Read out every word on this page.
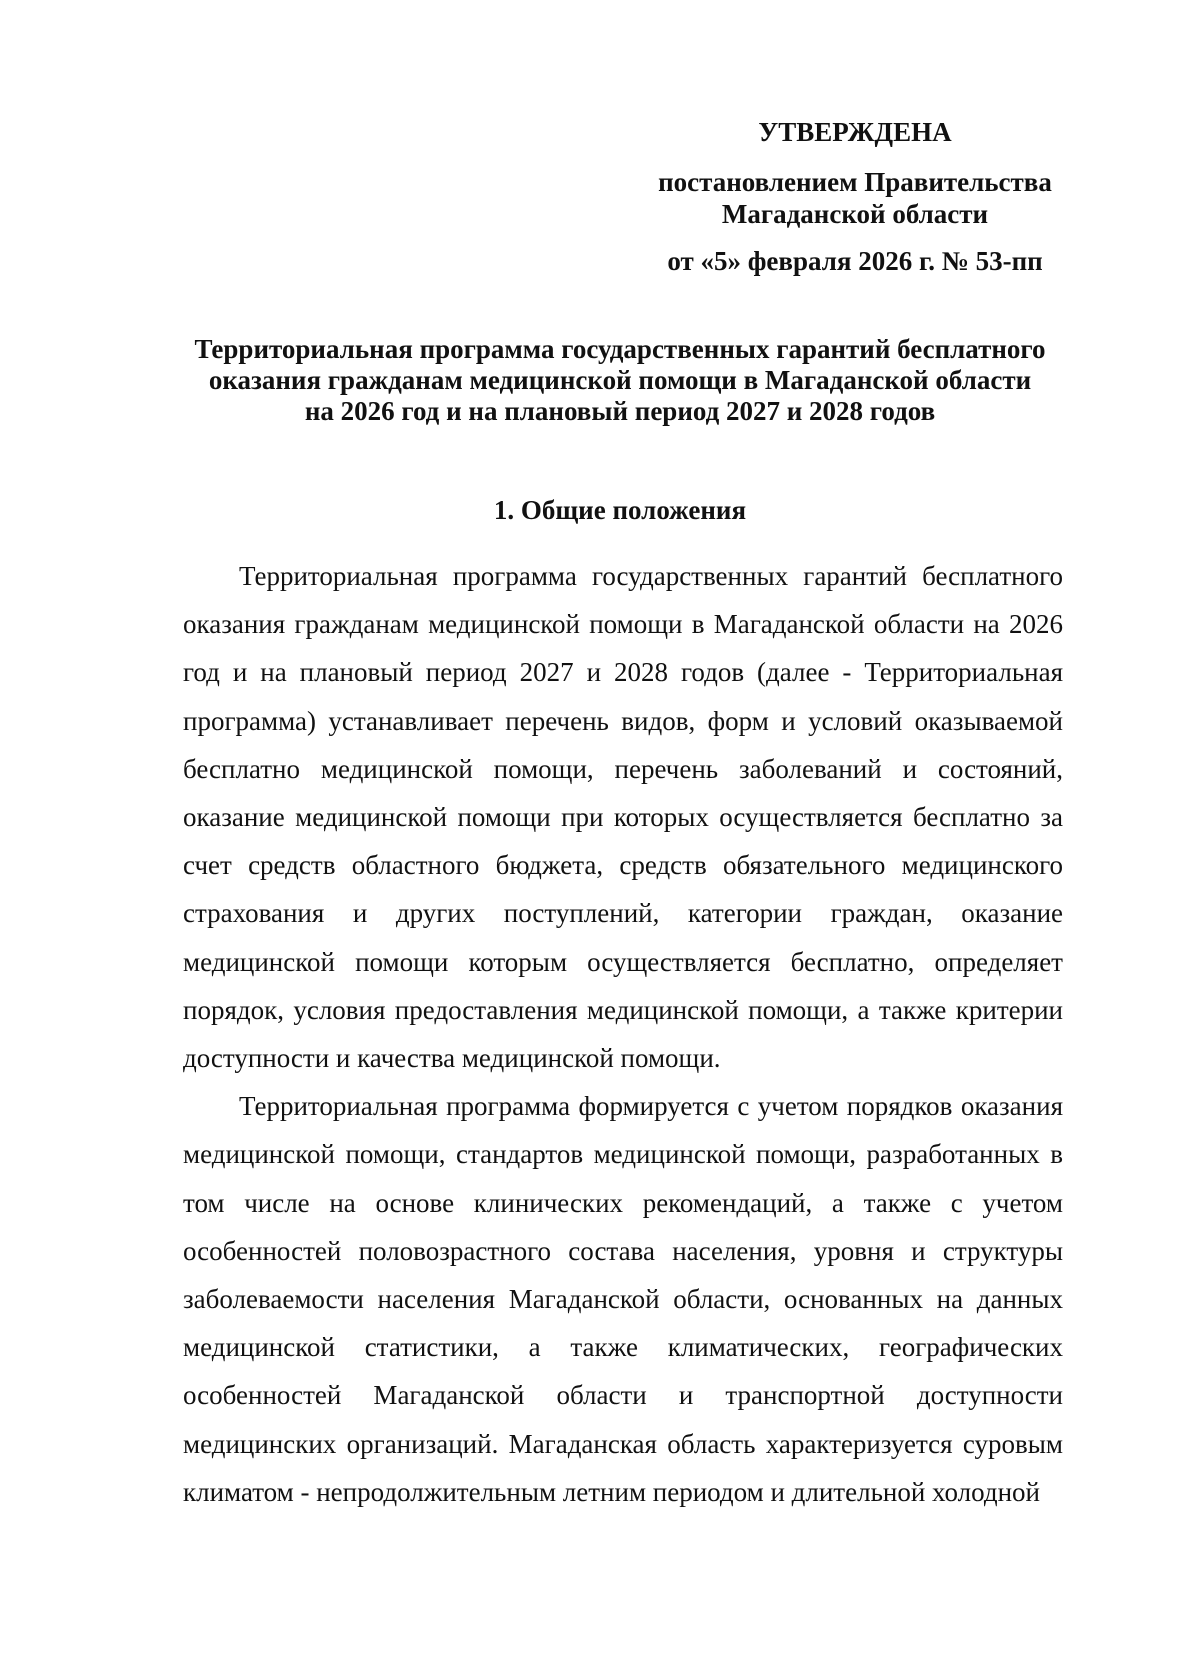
УТВЕРЖДЕНА
постановлением Правительства
Магаданской области
от «5» февраля 2026 г. № 53-пп
Территориальная программа государственных гарантий бесплатного
оказания гражданам медицинской помощи в Магаданской области
на 2026 год и на плановый период 2027 и 2028 годов
1. Общие положения

Территориальная программа государственных гарантий бесплатного оказания гражданам медицинской помощи в Магаданской области на 2026 год и на плановый период 2027 и 2028 годов (далее - Территориальная программа) устанавливает перечень видов, форм и условий оказываемой бесплатно медицинской помощи, перечень заболеваний и состояний, оказание медицинской помощи при которых осуществляется бесплатно за счет средств областного бюджета, средств обязательного медицинского страхования и других поступлений, категории граждан, оказание медицинской помощи которым осуществляется бесплатно, определяет порядок, условия предоставления медицинской помощи, а также критерии доступности и качества медицинской помощи.

Территориальная программа формируется с учетом порядков оказания медицинской помощи, стандартов медицинской помощи, разработанных в том числе на основе клинических рекомендаций, а также с учетом особенностей половозрастного состава населения, уровня и структуры заболеваемости населения Магаданской области, основанных на данных медицинской статистики, а также климатических, географических особенностей Магаданской области и транспортной доступности медицинских организаций. Магаданская область характеризуется суровым климатом - непродолжительным летним периодом и длительной холодной
